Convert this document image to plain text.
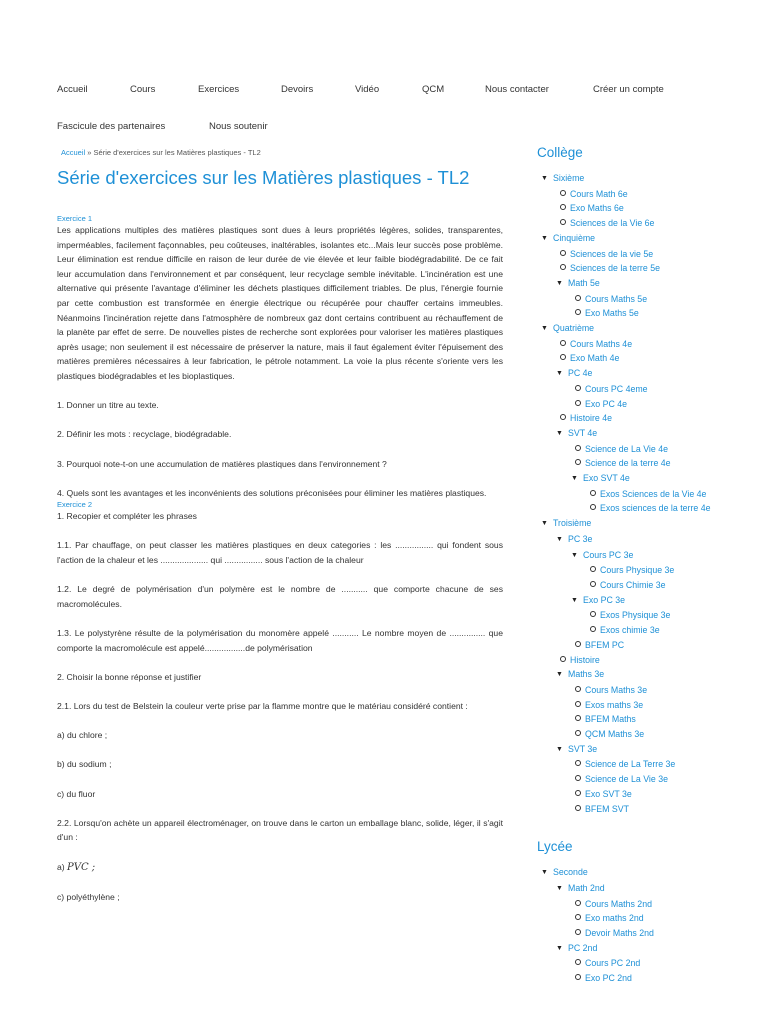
Accueil	Cours	Exercices	Devoirs	Vidéo	QCM	Nous contacter	Créer un compte
Fascicule des partenaires	Nous soutenir
Accueil » Série d'exercices sur les Matières plastiques - TL2
Série d'exercices sur les Matières plastiques - TL2
Exercice 1

Les applications multiples des matières plastiques sont dues à leurs propriétés légères, solides, transparentes, imperméables, facilement façonnables, peu coûteuses, inaltérables, isolantes etc...Mais leur succès pose problème. Leur élimination est rendue difficile en raison de leur durée de vie élevée et leur faible biodégradabilité. De ce fait leur accumulation dans l'environnement et par conséquent, leur recyclage semble inévitable. L'incinération est une alternative qui présente l'avantage d'éliminer les déchets plastiques difficilement triables. De plus, l'énergie fournie par cette combustion est transformée en énergie électrique ou récupérée pour chauffer certains immeubles. Néanmoins l'incinération rejette dans l'atmosphère de nombreux gaz dont certains contribuent au réchauffement de la planète par effet de serre. De nouvelles pistes de recherche sont explorées pour valoriser les matières plastiques après usage; non seulement il est nécessaire de préserver la nature, mais il faut également éviter l'épuisement des matières premières nécessaires à leur fabrication, le pétrole notamment. La voie la plus récente s'oriente vers les plastiques biodégradables et les bioplastiques.

1. Donner un titre au texte.

2. Définir les mots : recyclage, biodégradable.

3. Pourquoi note-t-on une accumulation de matières plastiques dans l'environnement ?

4. Quels sont les avantages et les inconvénients des solutions préconisées pour éliminer les matières plastiques.

Exercice 2

1. Recopier et compléter les phrases

1.1. Par chauffage, on peut classer les matières plastiques en deux categories : les ................ qui fondent sous l'action de la chaleur et les .................... qui ................ sous l'action de la chaleur

1.2. Le degré de polymérisation d'un polymère est le nombre de ........... que comporte chacune de ses macromolécules.

1.3. Le polystyrène résulte de la polymérisation du monomère appelé ........... Le nombre moyen de ............... que comporte la macromolécule est appelé.................de polymérisation

2. Choisir la bonne réponse et justifier

2.1. Lors du test de Belstein la couleur verte prise par la flamme montre que le matériau considéré contient :

a) du chlore ;

b) du sodium ;

c) du fluor

2.2. Lorsqu'on achète un appareil électroménager, on trouve dans le carton un emballage blanc, solide, léger, il s'agit d'un :

a) PVC ;

c) polyéthylène ;

Collège
▼ Sixième
Cours Math 6e
Exo Maths 6e
Sciences de la Vie 6e
▼ Cinquième
Sciences de la vie 5e
Sciences de la terre 5e
▼ Math 5e
Cours Maths 5e
Exo Maths 5e
▼ Quatrième
Cours Maths 4e
Exo Math 4e
▼ PC 4e
Cours PC 4eme
Exo PC 4e
Histoire 4e
▼ SVT 4e
Science de La Vie 4e
Science de la terre 4e
▼ Exo SVT 4e
Exos Sciences de la Vie 4e
Exos sciences de la terre 4e
▼ Troisième
▼ PC 3e
▼ Cours PC 3e
Cours Physique 3e
Cours Chimie 3e
▼ Exo PC 3e
Exos Physique 3e
Exos chimie 3e
BFEM PC
Histoire
▼ Maths 3e
Cours Maths 3e
Exos maths 3e
BFEM Maths
QCM Maths 3e
▼ SVT 3e
Science de La Terre 3e
Science de La Vie 3e
Exo SVT 3e
BFEM SVT
Lycée
▼ Seconde
▼ Math 2nd
Cours Maths 2nd
Exo maths 2nd
Devoir Maths 2nd
▼ PC 2nd
Cours PC 2nd
Exo PC 2nd
